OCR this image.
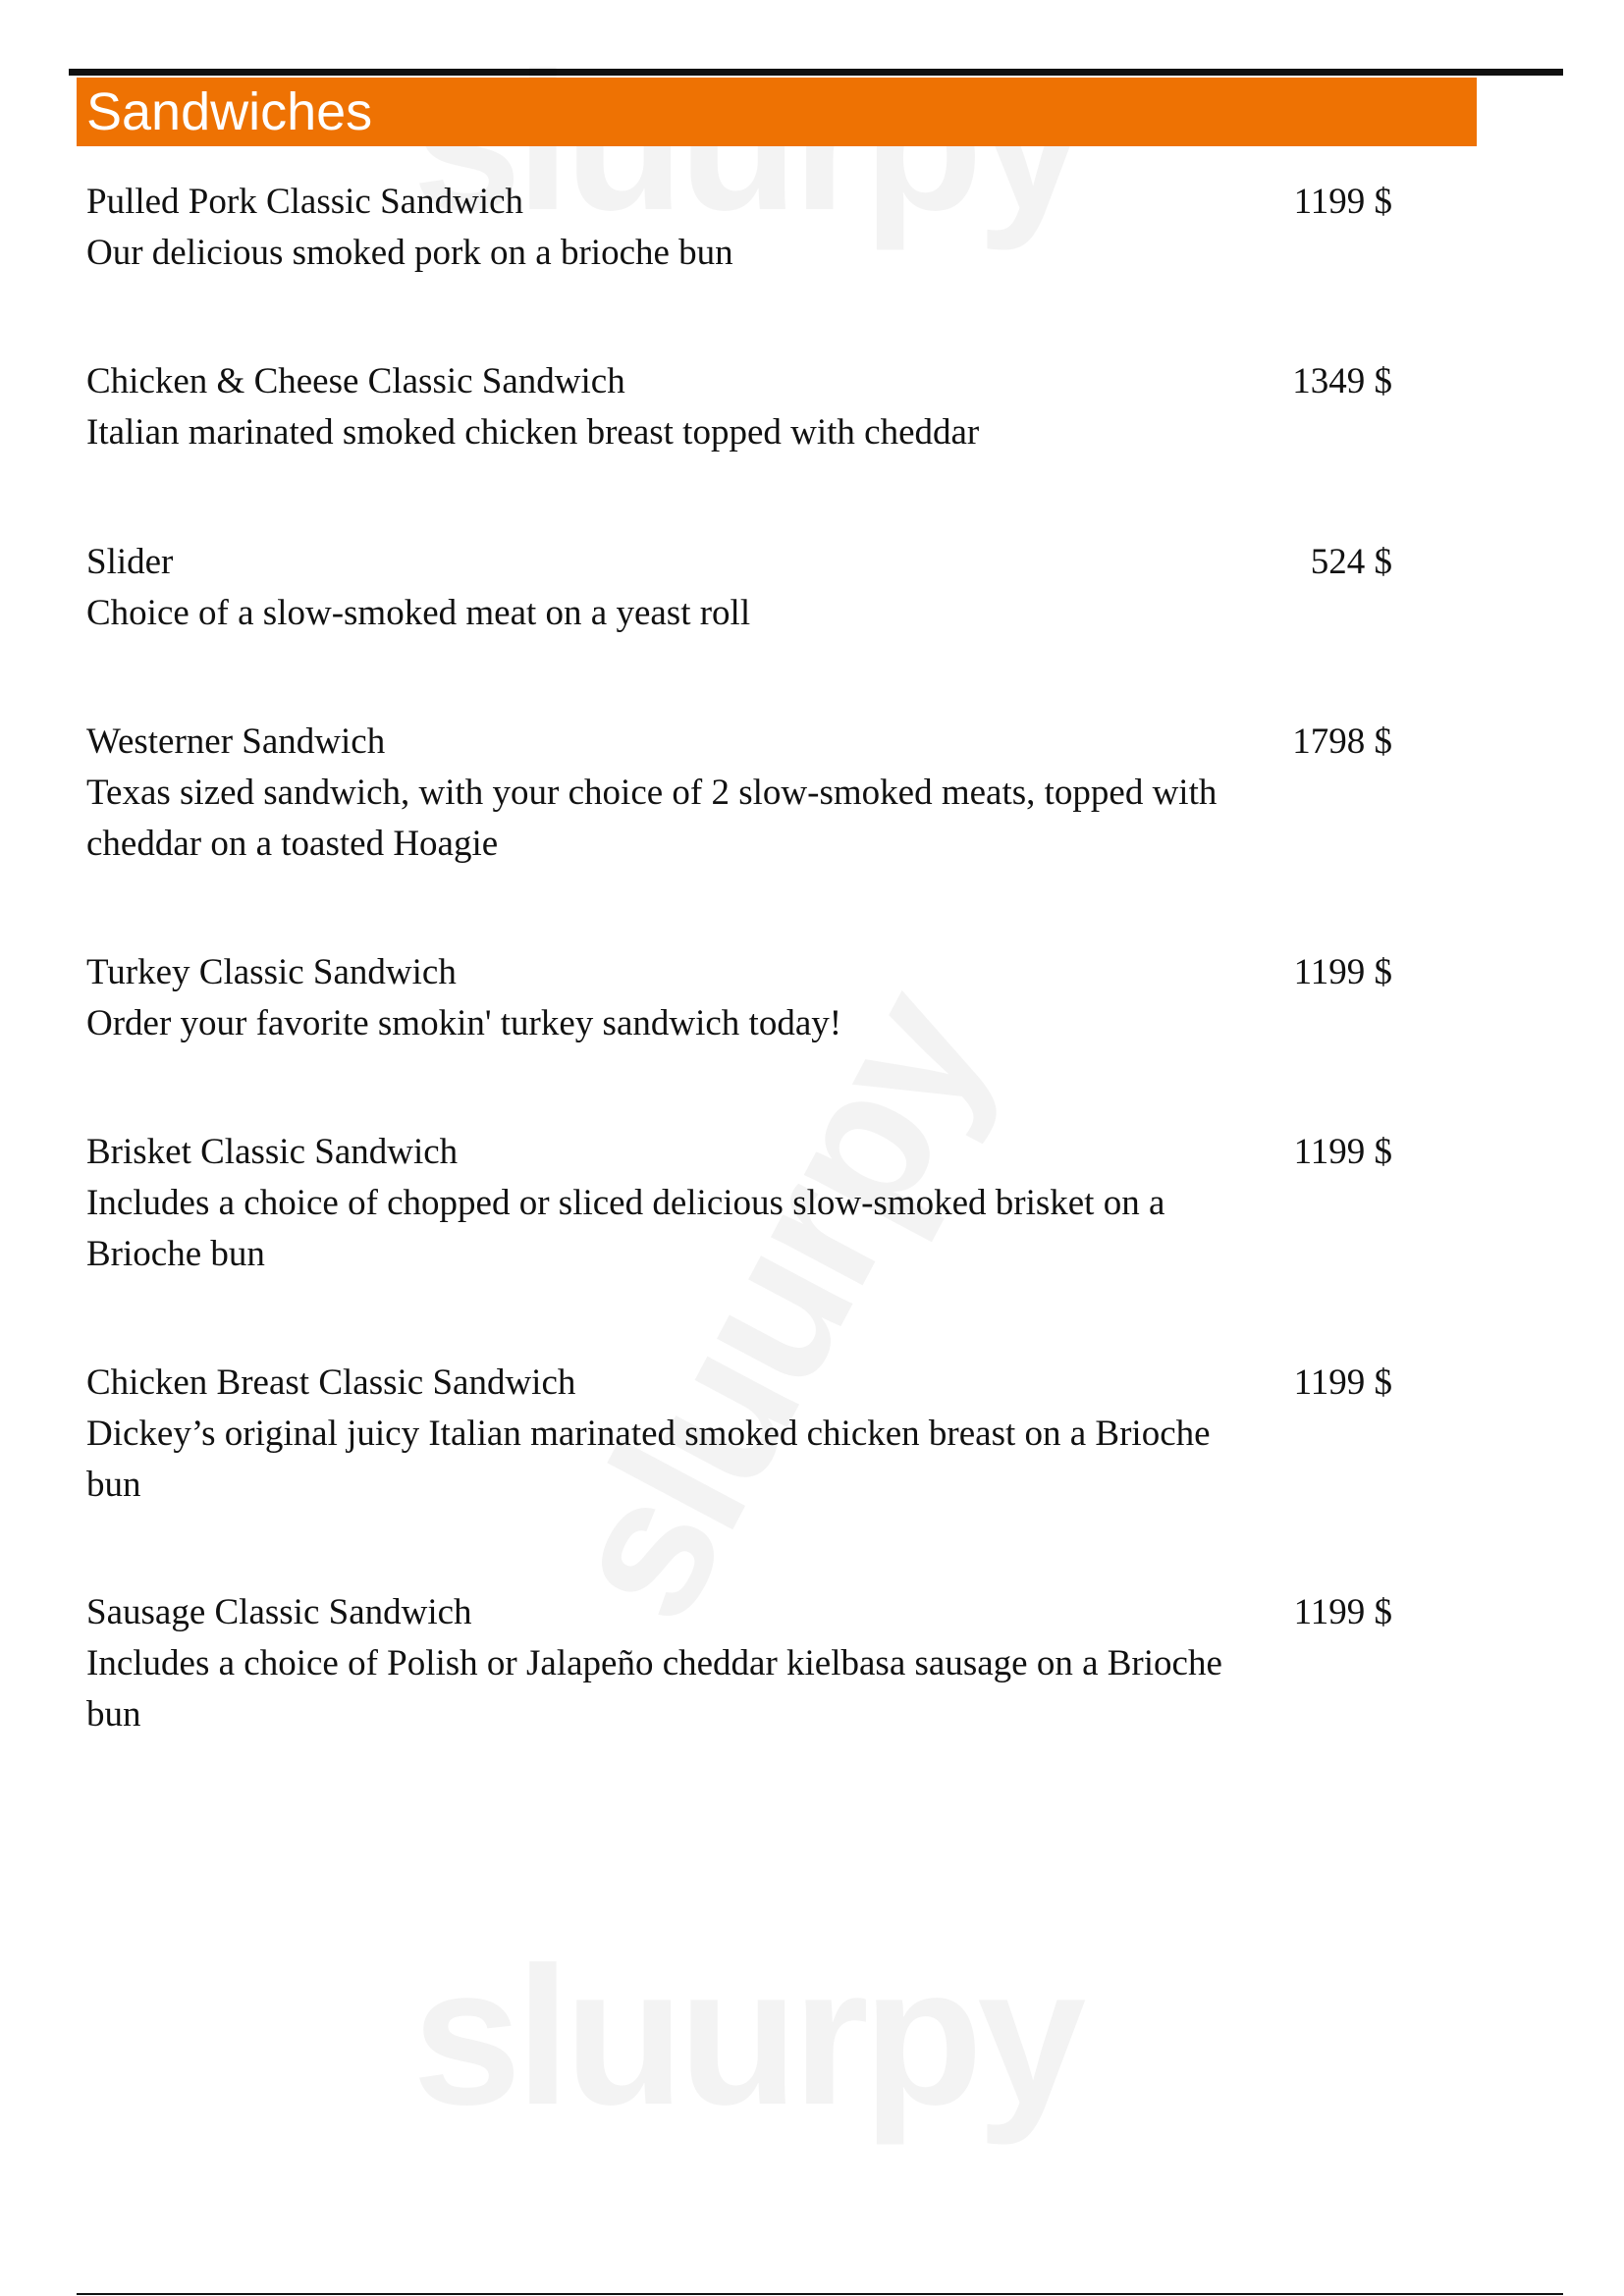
Sandwiches
Pulled Pork Classic Sandwich	1199 $
Our delicious smoked pork on a brioche bun
Chicken & Cheese Classic Sandwich	1349 $
Italian marinated smoked chicken breast topped with cheddar
Slider	524 $
Choice of a slow-smoked meat on a yeast roll
Westerner Sandwich	1798 $
Texas sized sandwich, with your choice of 2 slow-smoked meats, topped with cheddar on a toasted Hoagie
Turkey Classic Sandwich	1199 $
Order your favorite smokin' turkey sandwich today!
Brisket Classic Sandwich	1199 $
Includes a choice of chopped or sliced delicious slow-smoked brisket on a Brioche bun
Chicken Breast Classic Sandwich	1199 $
Dickey’s original juicy Italian marinated smoked chicken breast on a Brioche bun
Sausage Classic Sandwich	1199 $
Includes a choice of Polish or Jalapeño cheddar kielbasa sausage on a Brioche bun
